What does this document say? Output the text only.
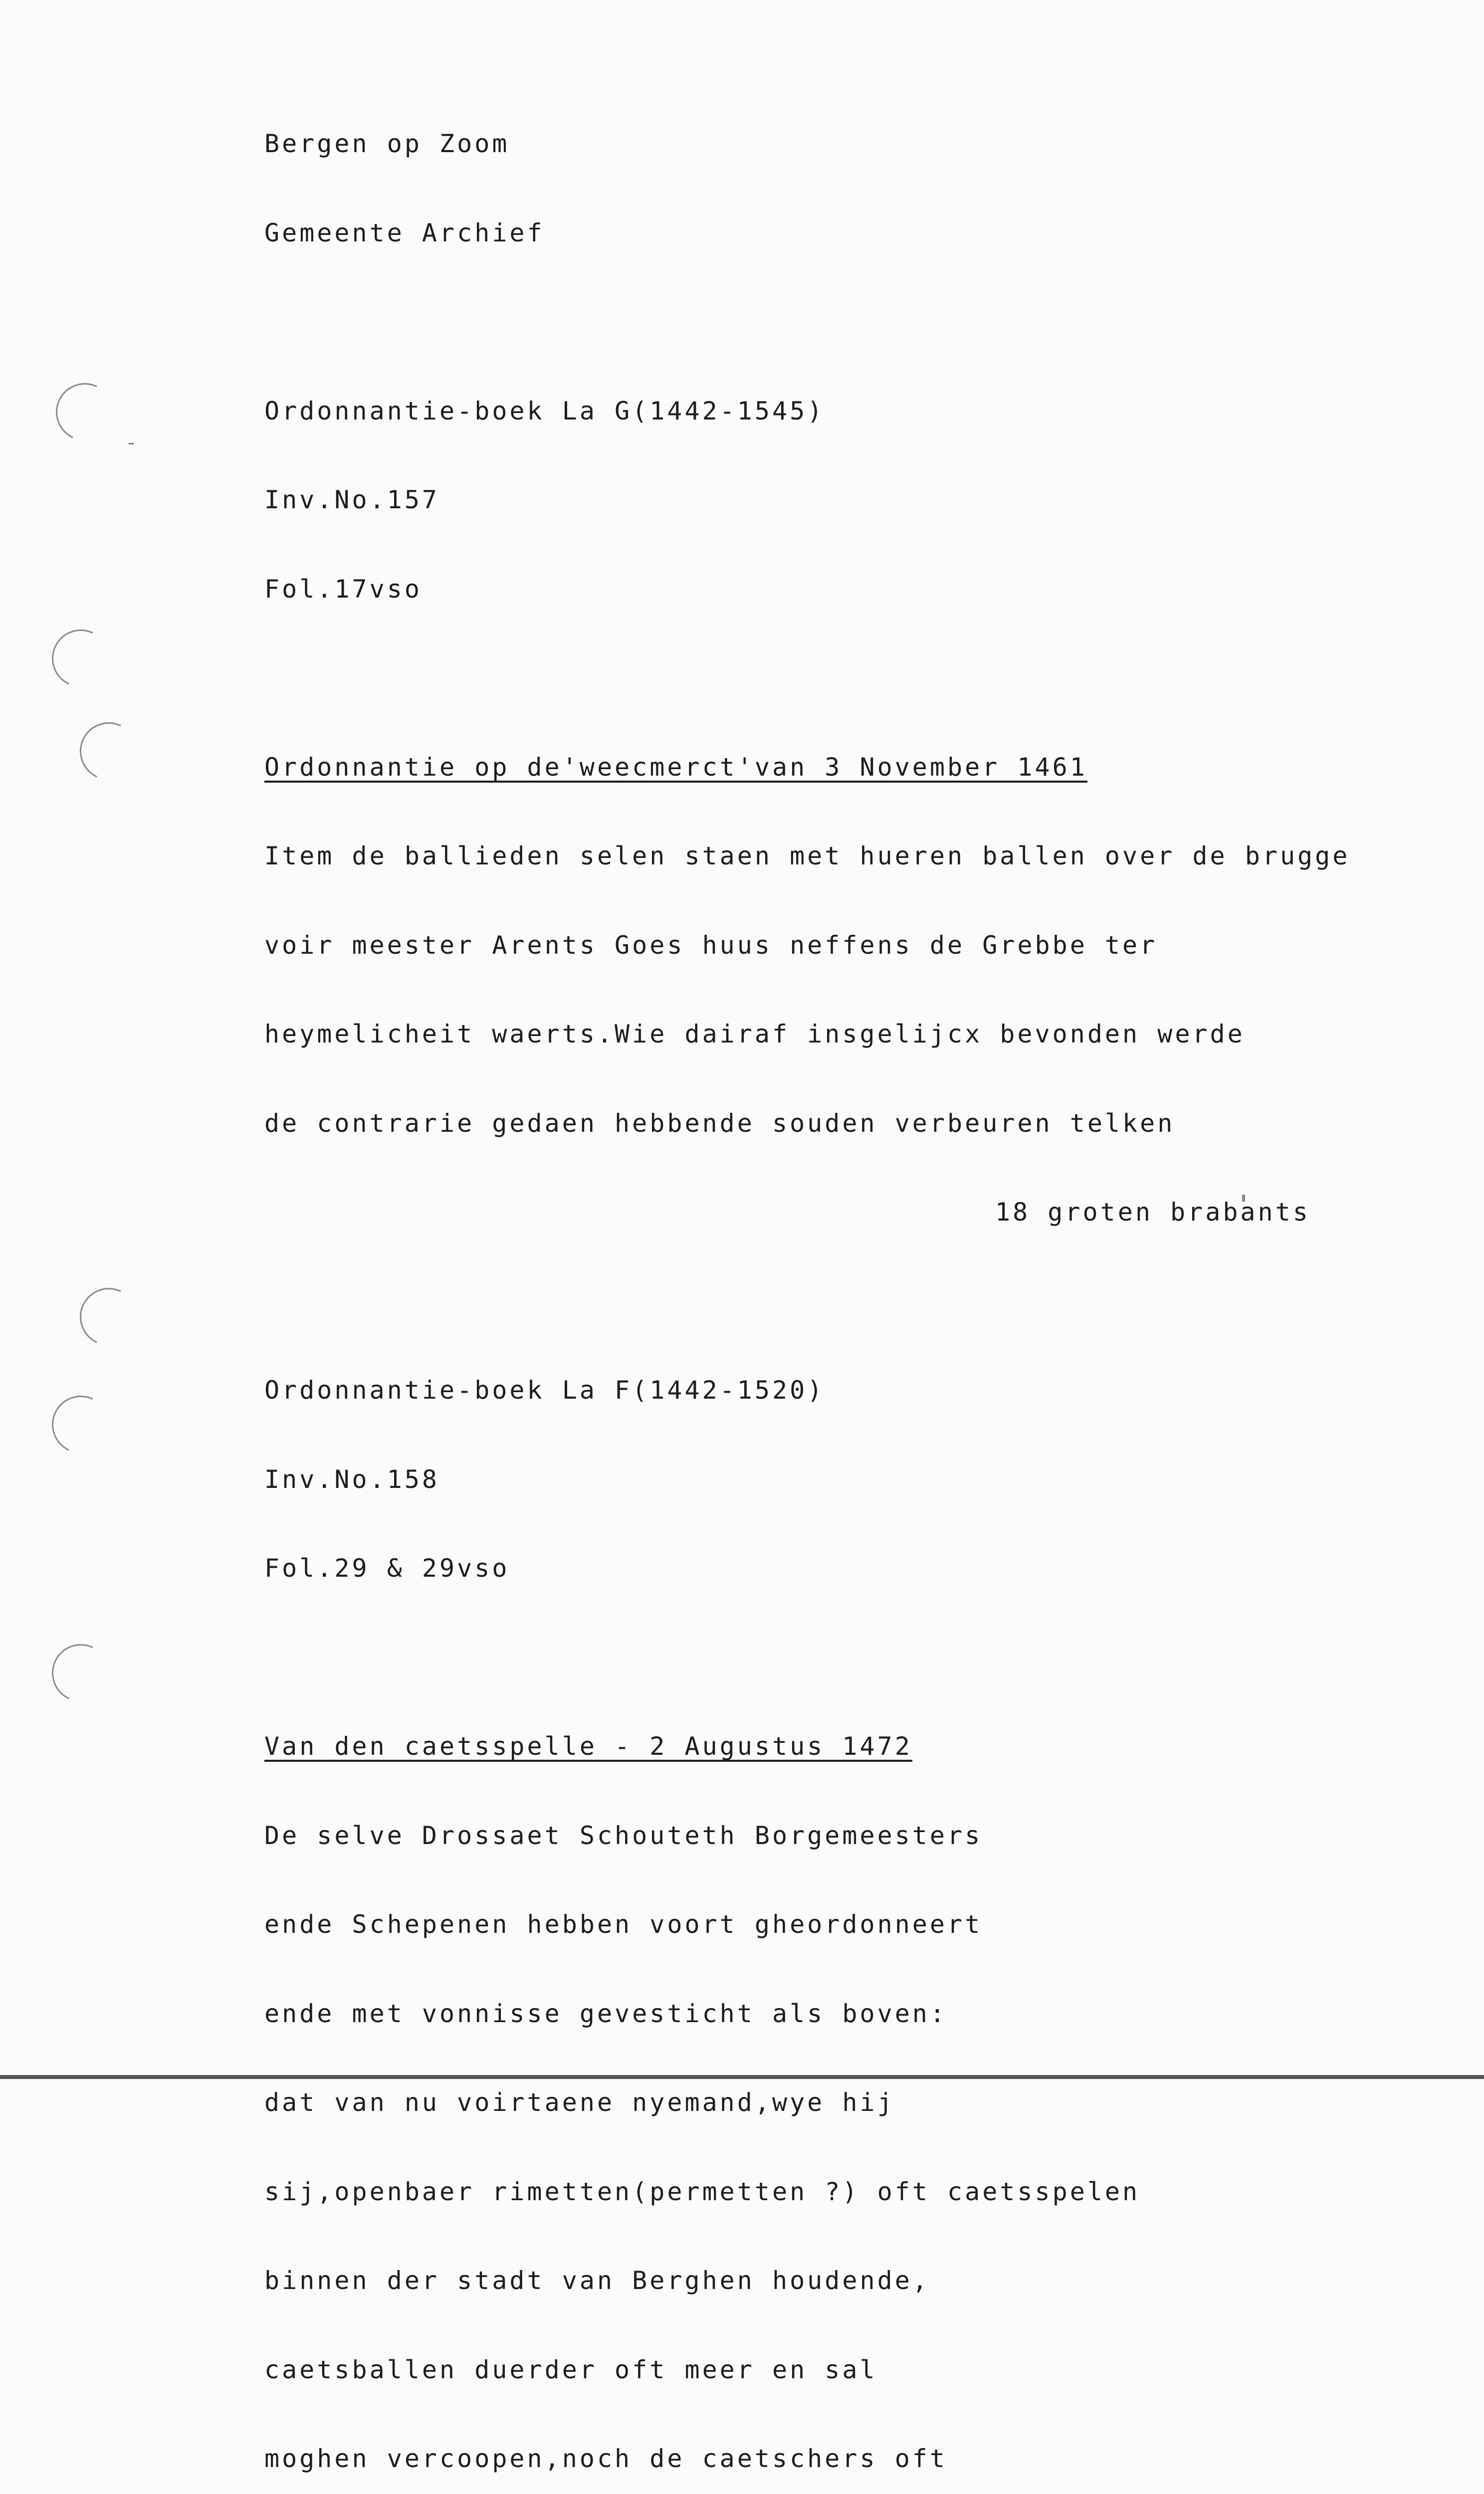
Bergen op Zoom

Gemeente Archief

Ordonnantie-boek La G(1442-1545)

Inv.No.157

Fol.17vso

Ordonnantie op de'weecmerct'van 3 November 1461

Item de ballieden selen staen met hueren ballen over de brugge

voir meester Arents Goes huus neffens de Grebbe ter

heymelicheit waerts.Wie dairaf insgelijcx bevonden werde

de contrarie gedaen hebbende souden verbeuren telken

18 groten brabants

Ordonnantie-boek La F(1442-1520)

Inv.No.158

Fol.29 & 29vso

Van den caetsspelle - 2 Augustus 1472

De selve Drossaet Schouteth Borgemeesters

ende Schepenen hebben voort gheordonneert

ende met vonnisse gevesticht als boven:

dat van nu voirtaene nyemand,wye hij

sij,openbaer rimetten(permetten ?) oft caetsspelen

binnen der stadt van Berghen houdende,

caetsballen duerder oft meer en sal

moghen vercoopen,noch de caetschers oft
